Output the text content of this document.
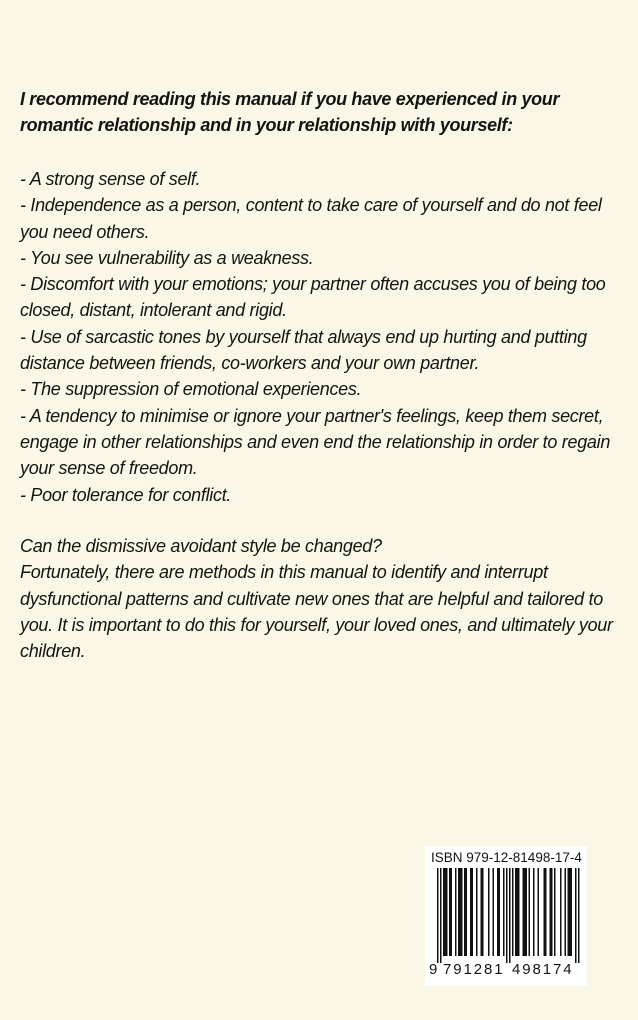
I recommend reading this manual if you have experienced in your romantic relationship and in your relationship with yourself:

- A strong sense of self.
- Independence as a person, content to take care of yourself and do not feel you need others.
- You see vulnerability as a weakness.
- Discomfort with your emotions; your partner often accuses you of being too closed, distant, intolerant and rigid.
- Use of sarcastic tones by yourself that always end up hurting and putting distance between friends, co-workers and your own partner.
- The suppression of emotional experiences.
- A tendency to minimise or ignore your partner's feelings, keep them secret, engage in other relationships and even end the relationship in order to regain your sense of freedom.
- Poor tolerance for conflict.

Can the dismissive avoidant style be changed?
Fortunately, there are methods in this manual to identify and interrupt dysfunctional patterns and cultivate new ones that are helpful and tailored to you. It is important to do this for yourself, your loved ones, and ultimately your children.

ISBN 979-12-81498-17-4
9 791281 498174
